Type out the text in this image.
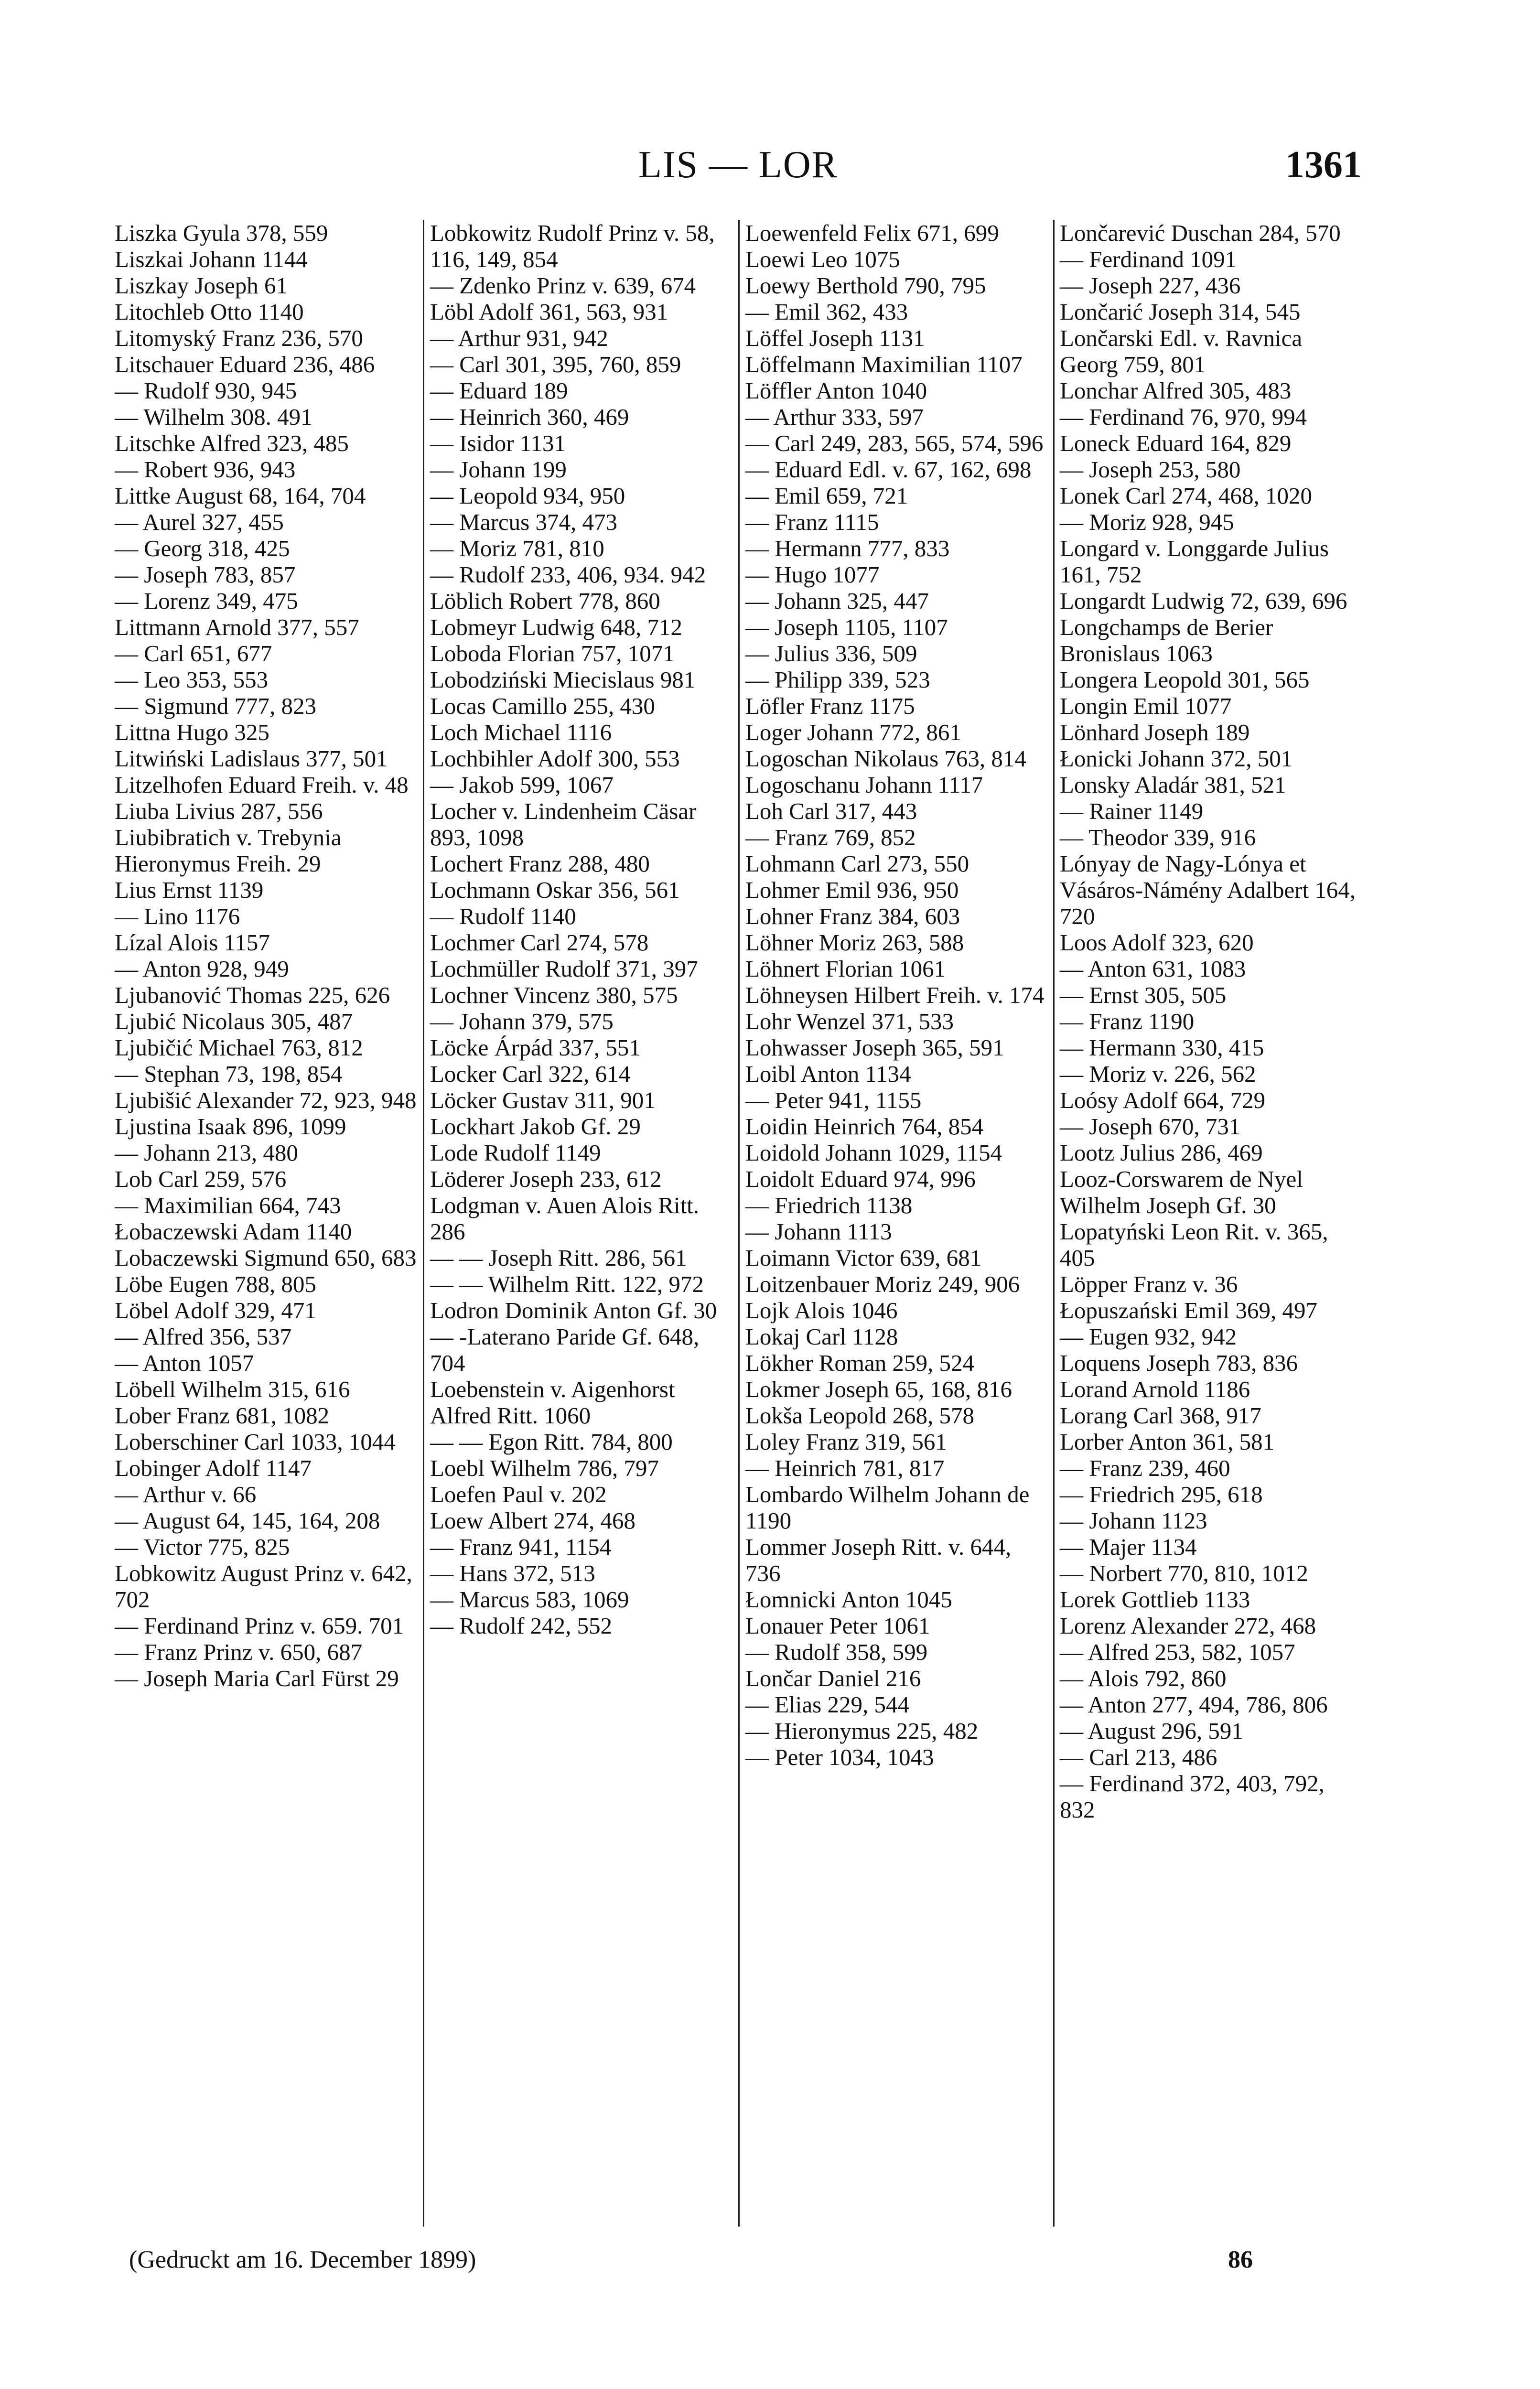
LIS — LOR	1361
Liszka Gyula 378, 559
Liszkai Johann 1144
Liszkay Joseph 61
Litochleb Otto 1140
Litomyský Franz 236, 570
Litschauer Eduard 236, 486
— Rudolf 930, 945
— Wilhelm 308. 491
Litschke Alfred 323, 485
— Robert 936, 943
Littke August 68, 164, 704
— Aurel 327, 455
— Georg 318, 425
— Joseph 783, 857
— Lorenz 349, 475
Littmann Arnold 377, 557
— Carl 651, 677
— Leo 353, 553
— Sigmund 777, 823
Littna Hugo 325
Litwiński Ladislaus 377, 501
Litzelhofen Eduard Freih. v. 48
Liuba Livius 287, 556
Liubibratich v. Trebynia Hieronymus Freih. 29
Lius Ernst 1139
— Lino 1176
Lízal Alois 1157
— Anton 928, 949
Ljubanović Thomas 225, 626
Ljubić Nicolaus 305, 487
Ljubičić Michael 763, 812
— Stephan 73, 198, 854
Ljubišić Alexander 72, 923, 948
Ljustina Isaak 896, 1099
— Johann 213, 480
Lob Carl 259, 576
— Maximilian 664, 743
Łobaczewski Adam 1140
Lobaczewski Sigmund 650, 683
Löbe Eugen 788, 805
Löbel Adolf 329, 471
— Alfred 356, 537
— Anton 1057
Löbell Wilhelm 315, 616
Lober Franz 681, 1082
Loberschiner Carl 1033, 1044
Lobinger Adolf 1147
— Arthur v. 66
— August 64, 145, 164, 208
— Victor 775, 825
Lobkowitz August Prinz v. 642, 702
— Ferdinand Prinz v. 659. 701
— Franz Prinz v. 650, 687
— Joseph Maria Carl Fürst 29
Lobkowitz Rudolf Prinz v. 58, 116, 149, 854
— Zdenko Prinz v. 639, 674
Löbl Adolf 361, 563, 931
— Arthur 931, 942
— Carl 301, 395, 760, 859
— Eduard 189
— Heinrich 360, 469
— Isidor 1131
— Johann 199
— Leopold 934, 950
— Marcus 374, 473
— Moriz 781, 810
— Rudolf 233, 406, 934. 942
Löblich Robert 778, 860
Lobmeyr Ludwig 648, 712
Loboda Florian 757, 1071
Lobodziński Miecislaus 981
Locas Camillo 255, 430
Loch Michael 1116
Lochbihler Adolf 300, 553
— Jakob 599, 1067
Locher v. Lindenheim Cäsar 893, 1098
Lochert Franz 288, 480
Lochmann Oskar 356, 561
— Rudolf 1140
Lochmer Carl 274, 578
Lochmüller Rudolf 371, 397
Lochner Vincenz 380, 575
— Johann 379, 575
Löcke Árpád 337, 551
Locker Carl 322, 614
Löcker Gustav 311, 901
Lockhart Jakob Gf. 29
Lode Rudolf 1149
Löderer Joseph 233, 612
Lodgman v. Auen Alois Ritt. 286
— — Joseph Ritt. 286, 561
— — Wilhelm Ritt. 122, 972
Lodron Dominik Anton Gf. 30
— -Laterano Paride Gf. 648, 704
Loebenstein v. Aigenhorst Alfred Ritt. 1060
— — Egon Ritt. 784, 800
Loebl Wilhelm 786, 797
Loefen Paul v. 202
Loew Albert 274, 468
— Franz 941, 1154
— Hans 372, 513
— Marcus 583, 1069
— Rudolf 242, 552
Loewenfeld Felix 671, 699
Loewi Leo 1075
Loewy Berthold 790, 795
— Emil 362, 433
Löffel Joseph 1131
Löffelmann Maximilian 1107
Löffler Anton 1040
— Arthur 333, 597
— Carl 249, 283, 565, 574, 596
— Eduard Edl. v. 67, 162, 698
— Emil 659, 721
— Franz 1115
— Hermann 777, 833
— Hugo 1077
— Johann 325, 447
— Joseph 1105, 1107
— Julius 336, 509
— Philipp 339, 523
Löfler Franz 1175
Loger Johann 772, 861
Logoschan Nikolaus 763, 814
Logoschanu Johann 1117
Loh Carl 317, 443
— Franz 769, 852
Lohmann Carl 273, 550
Lohmer Emil 936, 950
Lohner Franz 384, 603
Löhner Moriz 263, 588
Löhnert Florian 1061
Löhneysen Hilbert Freih. v. 174
Lohr Wenzel 371, 533
Lohwasser Joseph 365, 591
Loibl Anton 1134
— Peter 941, 1155
Loidin Heinrich 764, 854
Loidold Johann 1029, 1154
Loidolt Eduard 974, 996
— Friedrich 1138
— Johann 1113
Loimann Victor 639, 681
Loitzenbauer Moriz 249, 906
Lojk Alois 1046
Lokaj Carl 1128
Lökher Roman 259, 524
Lokmer Joseph 65, 168, 816
Lokša Leopold 268, 578
Loley Franz 319, 561
— Heinrich 781, 817
Lombardo Wilhelm Johann de 1190
Lommer Joseph Ritt. v. 644, 736
Łomnicki Anton 1045
Lonauer Peter 1061
— Rudolf 358, 599
Lončar Daniel 216
— Elias 229, 544
— Hieronymus 225, 482
— Peter 1034, 1043
Lončarević Duschan 284, 570
— Ferdinand 1091
— Joseph 227, 436
Lončarić Joseph 314, 545
Lončarski Edl. v. Ravnica Georg 759, 801
Lonchar Alfred 305, 483
— Ferdinand 76, 970, 994
Loneck Eduard 164, 829
— Joseph 253, 580
Lonek Carl 274, 468, 1020
— Moriz 928, 945
Longard v. Longgarde Julius 161, 752
Longardt Ludwig 72, 639, 696
Longchamps de Berier Bronislaus 1063
Longera Leopold 301, 565
Longin Emil 1077
Lönhard Joseph 189
Łonicki Johann 372, 501
Lonsky Aladár 381, 521
— Rainer 1149
— Theodor 339, 916
Lónyay de Nagy-Lónya et Vásáros-Námény Adalbert 164, 720
Loos Adolf 323, 620
— Anton 631, 1083
— Ernst 305, 505
— Franz 1190
— Hermann 330, 415
— Moriz v. 226, 562
Loósy Adolf 664, 729
— Joseph 670, 731
Lootz Julius 286, 469
Looz-Corswarem de Nyel Wilhelm Joseph Gf. 30
Lopatyński Leon Rit. v. 365, 405
Löpper Franz v. 36
Łopuszański Emil 369, 497
— Eugen 932, 942
Loquens Joseph 783, 836
Lorand Arnold 1186
Lorang Carl 368, 917
Lorber Anton 361, 581
— Franz 239, 460
— Friedrich 295, 618
— Johann 1123
— Majer 1134
— Norbert 770, 810, 1012
Lorek Gottlieb 1133
Lorenz Alexander 272, 468
— Alfred 253, 582, 1057
— Alois 792, 860
— Anton 277, 494, 786, 806
— August 296, 591
— Carl 213, 486
— Ferdinand 372, 403, 792, 832
(Gedruckt am 16. December 1899)	86
